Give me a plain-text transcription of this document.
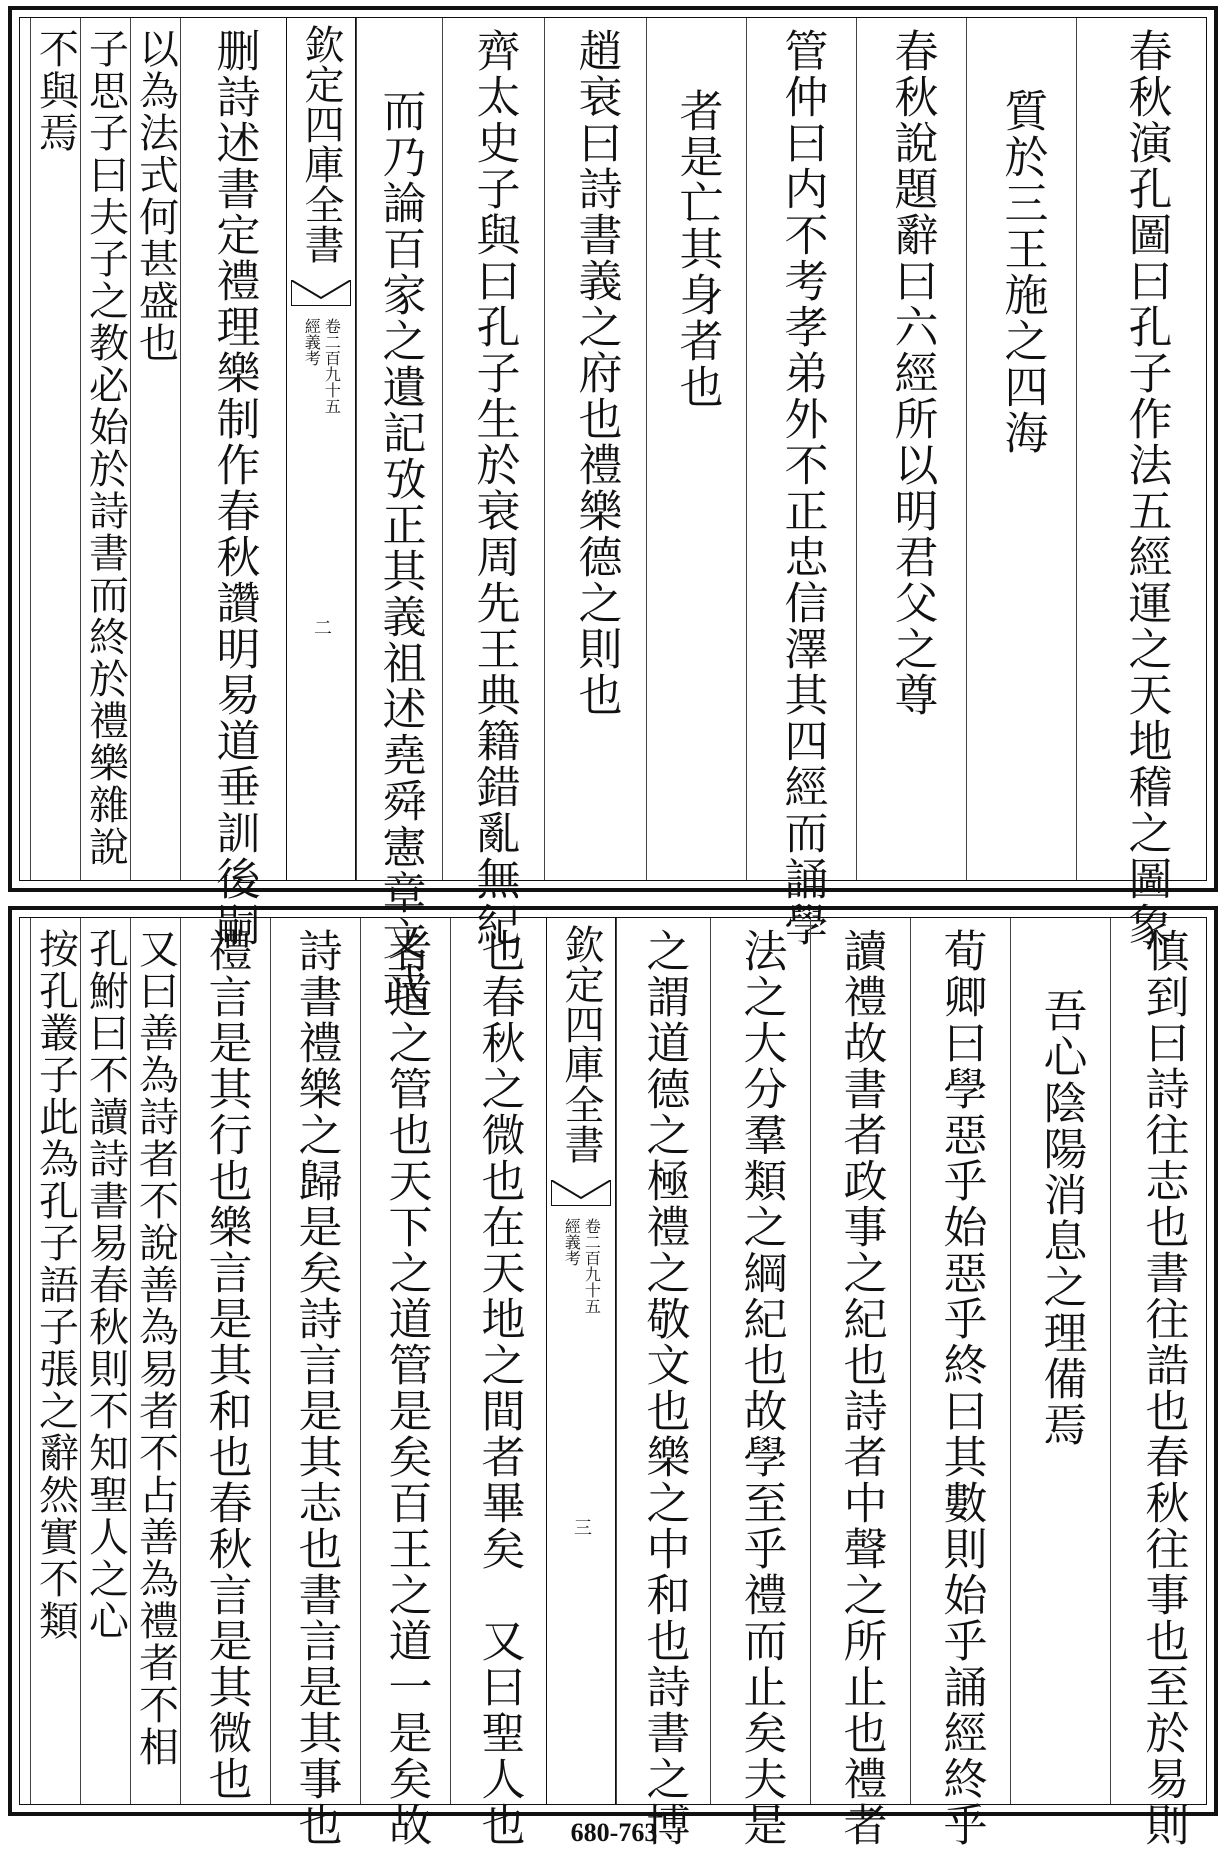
春秋演孔圖曰孔子作法五經運之天地稽之圖象
質於三王施之四海
春秋說題辭曰六經所以明君父之尊
管仲曰内不考孝弟外不正忠信澤其四經而誦學
者是亡其身者也
趙衰曰詩書義之府也禮樂德之則也
齊太史子與曰孔子生於衰周先王典籍錯亂無紀
而乃論百家之遺記攷正其義祖述堯舜憲章文武
欽定四庫全書
經義考 卷二百九十五
二
删詩述書定禮理樂制作春秋讚明易道垂訓後嗣
以為法式何甚盛也
子思子曰夫子之教必始於詩書而終於禮樂雜說
不與焉
慎到曰詩往志也書往誥也春秋往事也至於易則
吾心陰陽消息之理備焉
荀卿曰學惡乎始惡乎終曰其數則始乎誦經終乎
讀禮故書者政事之紀也詩者中聲之所止也禮者
法之大分羣類之綱紀也故學至乎禮而止矣夫是
之謂道德之極禮之敬文也樂之中和也詩書之博
欽定四庫全書
經義考 卷二百九十五
三
也春秋之微也在天地之間者畢矣　又曰聖人也
者道之管也天下之道管是矣百王之道一是矣故
詩書禮樂之歸是矣詩言是其志也書言是其事也
禮言是其行也樂言是其和也春秋言是其微也
又曰善為詩者不說善為易者不占善為禮者不相
孔鮒曰不讀詩書易春秋則不知聖人之心
按孔叢子此為孔子語子張之辭然實不類
680-763
